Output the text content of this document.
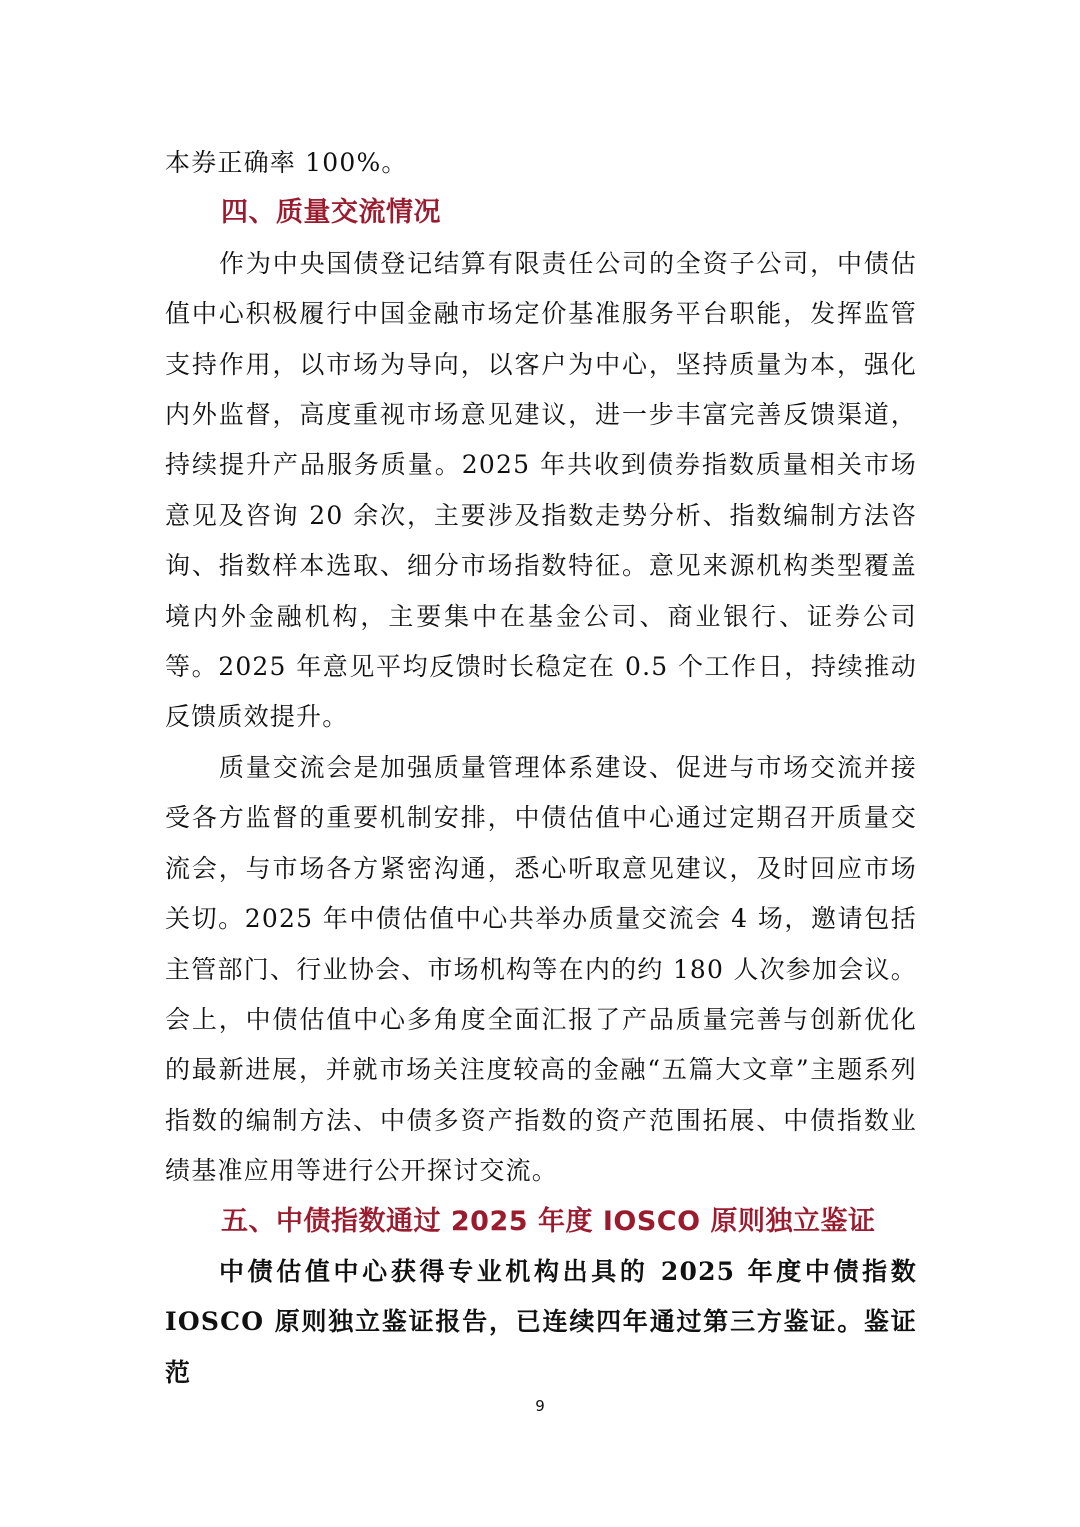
本券正确率 100%。

四、质量交流情况

作为中央国债登记结算有限责任公司的全资子公司，中债估值中心积极履行中国金融市场定价基准服务平台职能，发挥监管支持作用，以市场为导向，以客户为中心，坚持质量为本，强化内外监督，高度重视市场意见建议，进一步丰富完善反馈渠道，持续提升产品服务质量。2025 年共收到债券指数质量相关市场意见及咨询 20 余次，主要涉及指数走势分析、指数编制方法咨询、指数样本选取、细分市场指数特征。意见来源机构类型覆盖境内外金融机构，主要集中在基金公司、商业银行、证券公司等。2025 年意见平均反馈时长稳定在 0.5 个工作日，持续推动反馈质效提升。

质量交流会是加强质量管理体系建设、促进与市场交流并接受各方监督的重要机制安排，中债估值中心通过定期召开质量交流会，与市场各方紧密沟通，悉心听取意见建议，及时回应市场关切。2025 年中债估值中心共举办质量交流会 4 场，邀请包括主管部门、行业协会、市场机构等在内的约 180 人次参加会议。会上，中债估值中心多角度全面汇报了产品质量完善与创新优化的最新进展，并就市场关注度较高的金融“五篇大文章”主题系列指数的编制方法、中债多资产指数的资产范围拓展、中债指数业绩基准应用等进行公开探讨交流。

五、中债指数通过 2025 年度 IOSCO 原则独立鉴证

中债估值中心获得专业机构出具的 2025 年度中债指数 IOSCO 原则独立鉴证报告，已连续四年通过第三方鉴证。鉴证范

9
